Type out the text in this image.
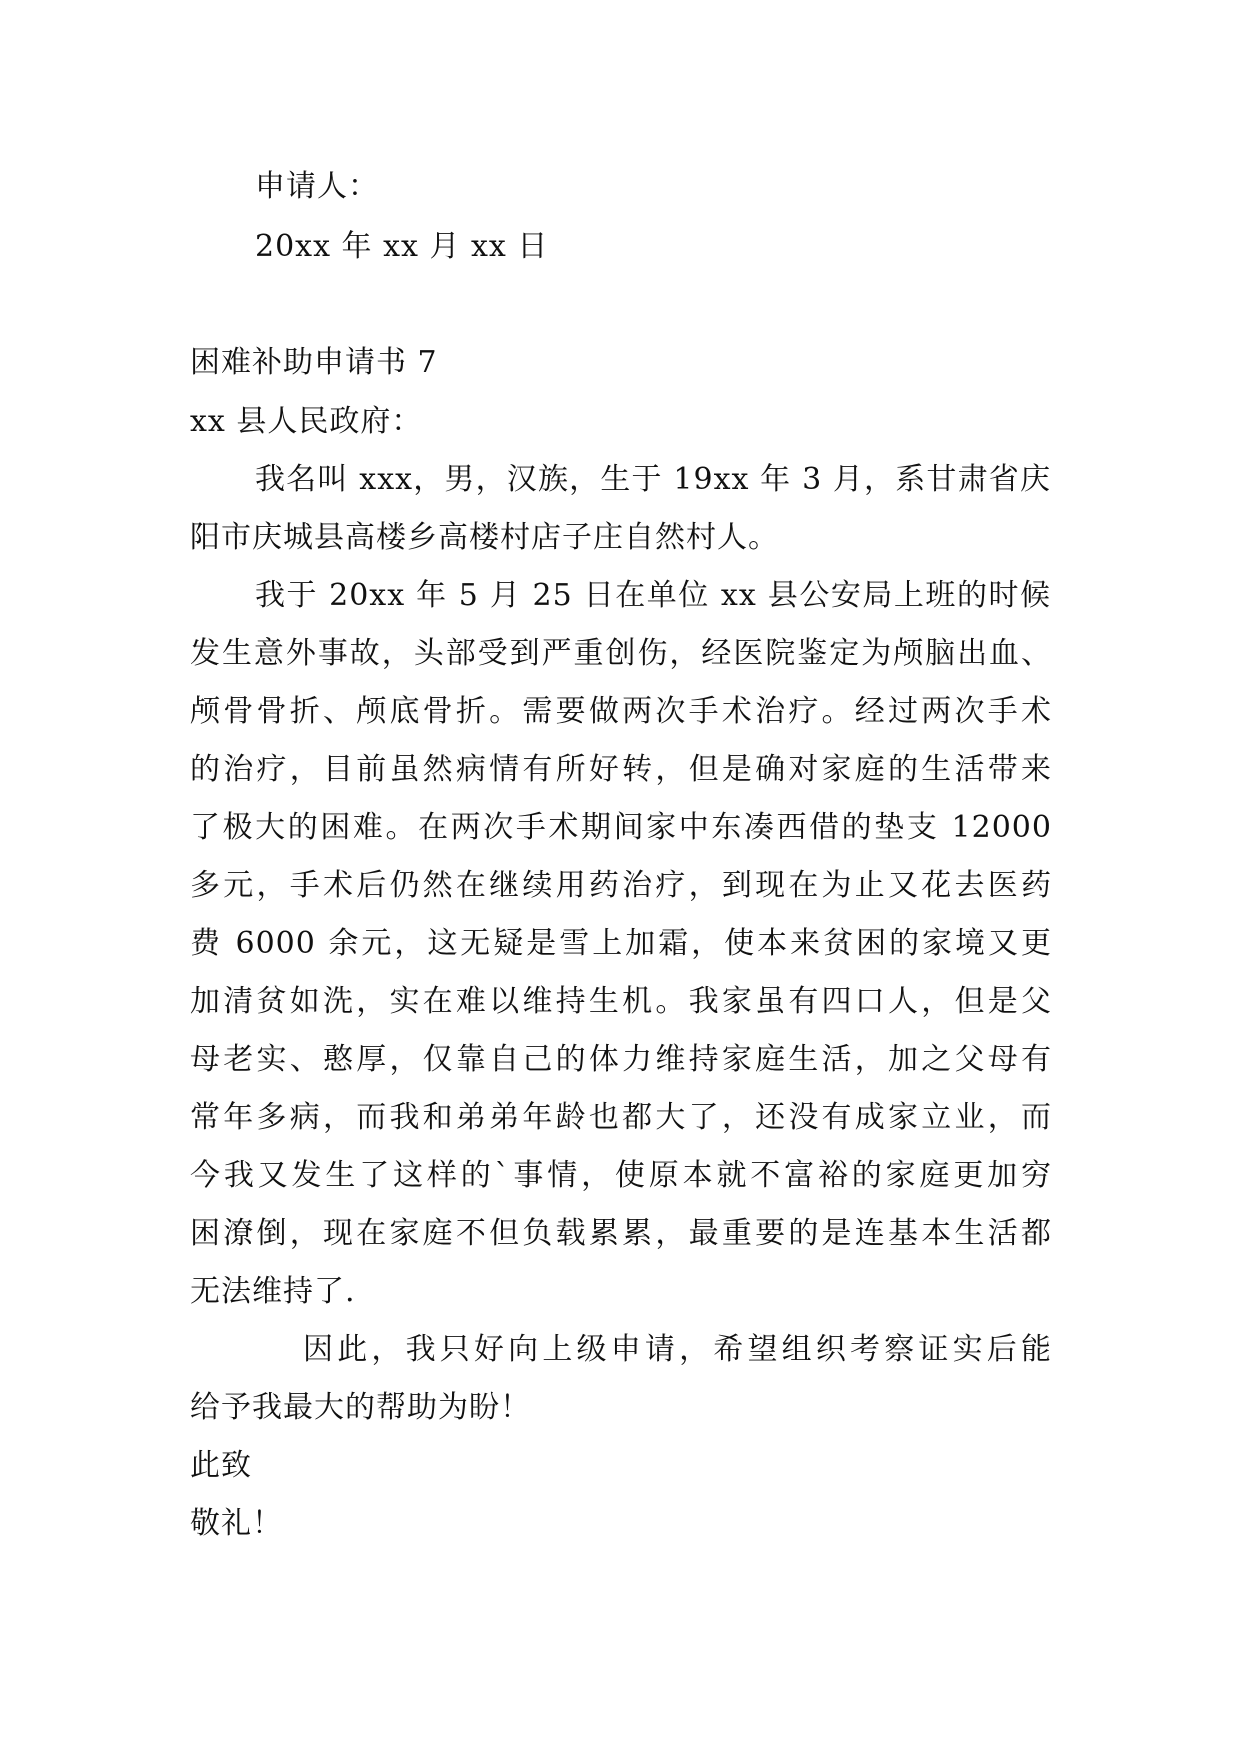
申请人：
20xx 年 xx 月 xx 日
困难补助申请书 7
xx 县人民政府：
我名叫 xxx，男，汉族，生于 19xx 年 3 月，系甘肃省庆
阳市庆城县高楼乡高楼村店子庄自然村人。
我于 20xx 年 5 月 25 日在单位 xx 县公安局上班的时候
发生意外事故，头部受到严重创伤，经医院鉴定为颅脑出血、
颅骨骨折、颅底骨折。需要做两次手术治疗。经过两次手术
的治疗，目前虽然病情有所好转，但是确对家庭的生活带来
了极大的困难。在两次手术期间家中东凑西借的垫支 12000
多元，手术后仍然在继续用药治疗，到现在为止又花去医药
费 6000 余元，这无疑是雪上加霜，使本来贫困的家境又更
加清贫如洗，实在难以维持生机。我家虽有四口人，但是父
母老实、憨厚，仅靠自己的体力维持家庭生活，加之父母有
常年多病，而我和弟弟年龄也都大了，还没有成家立业，而
今我又发生了这样的`事情，使原本就不富裕的家庭更加穷
困潦倒，现在家庭不但负载累累，最重要的是连基本生活都
无法维持了.
因此，我只好向上级申请，希望组织考察证实后能
给予我最大的帮助为盼！
此致
敬礼！
